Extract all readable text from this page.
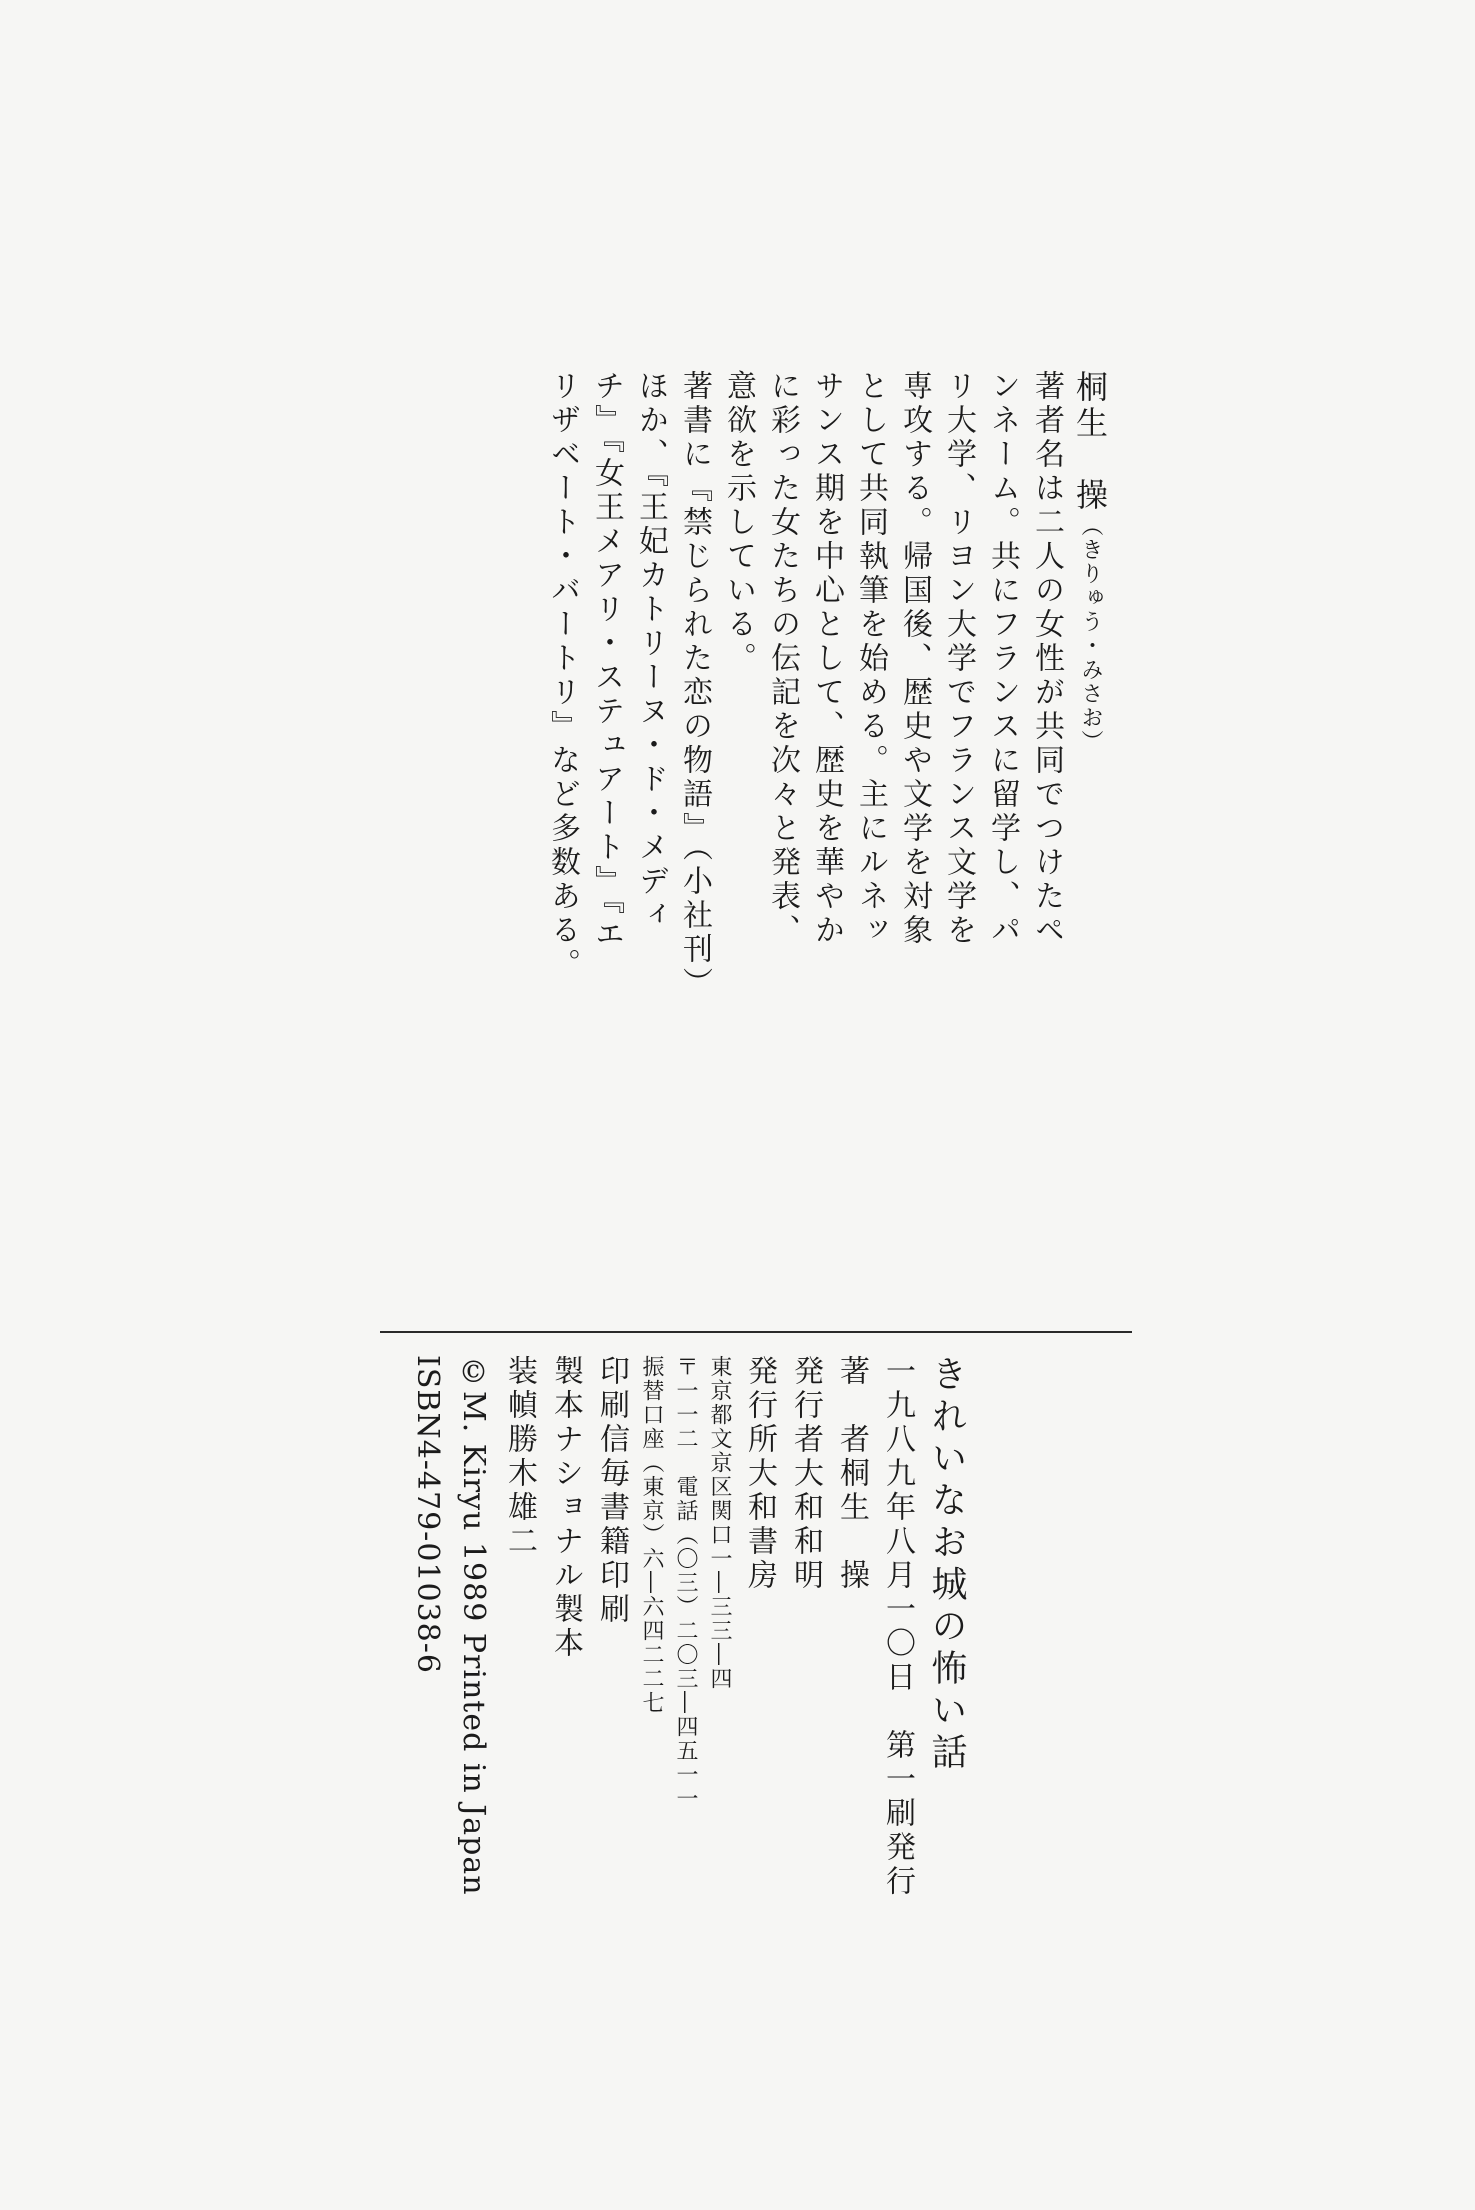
桐生　操（きりゅう・みさお）
著者名は二人の女性が共同でつけたペ
ンネーム。共にフランスに留学し、パ
リ大学、リヨン大学でフランス文学を
専攻する。帰国後、歴史や文学を対象
として共同執筆を始める。主にルネッ
サンス期を中心として、歴史を華やか
に彩った女たちの伝記を次々と発表、
意欲を示している。
著書に『禁じられた恋の物語』（小社刊）
ほか、『王妃カトリーヌ・ド・メディ
チ』『女王メアリ・ステュアート』『エ
リザベート・バートリ』など多数ある。
きれいなお城の怖い話
一九八九年八月一〇日　第一刷発行
著　者桐生　操
発行者大和和明
発行所大和書房
東京都文京区関口一―三三―四
〒一一二　電話（〇三）二〇三―四五一一
振替口座（東京）六―六四二二七
印刷信毎書籍印刷
製本ナショナル製本
装幀勝木雄二
©M. Kiryu 1989 Printed in Japan
ISBN4-479-01038-6
